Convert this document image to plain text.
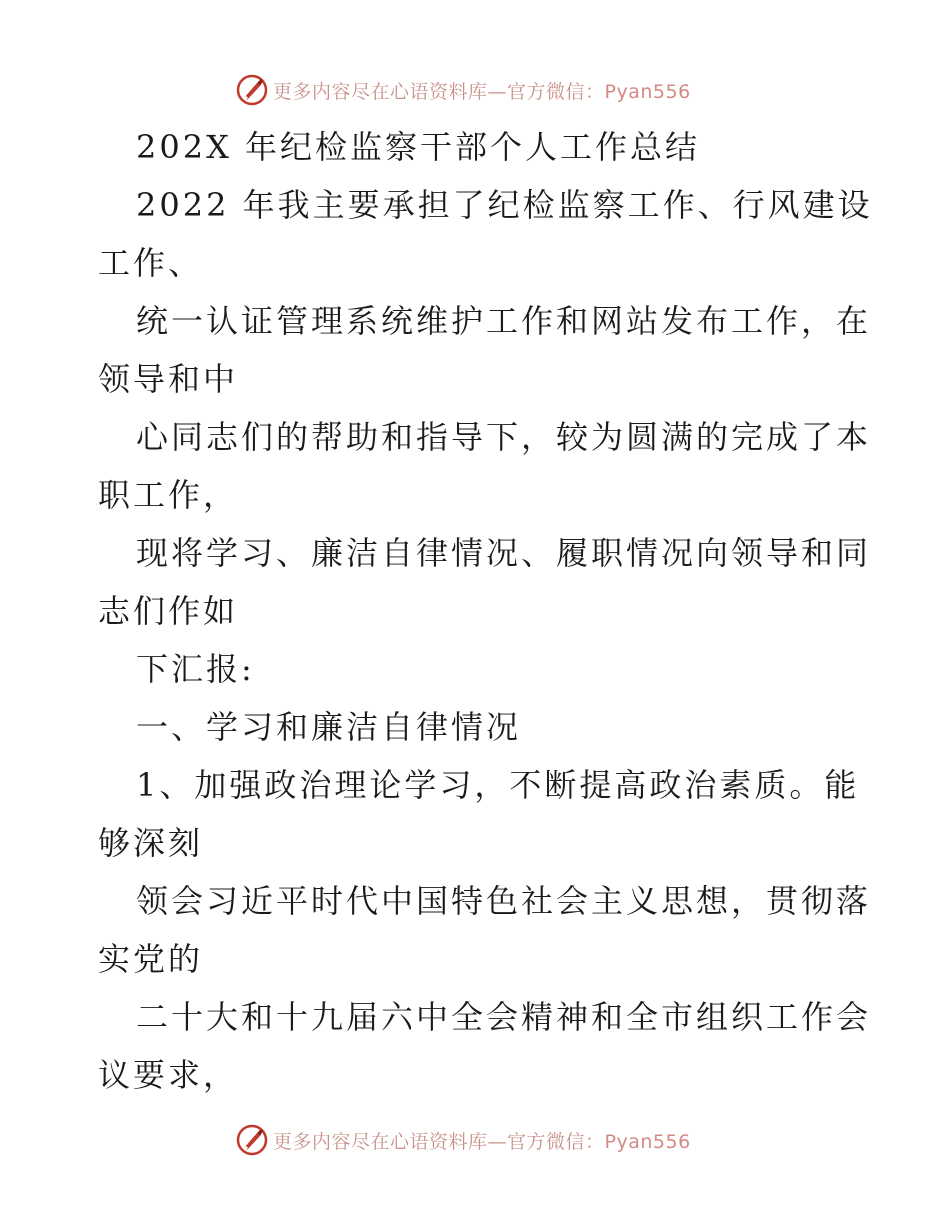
更多内容尽在心语资料库—官方微信：Pyan556
202X 年纪检监察干部个人工作总结
2022 年我主要承担了纪检监察工作、行风建设
工作、
统一认证管理系统维护工作和网站发布工作，在
领导和中
心同志们的帮助和指导下，较为圆满的完成了本
职工作，
现将学习、廉洁自律情况、履职情况向领导和同
志们作如
下汇报:
一、学习和廉洁自律情况
1、加强政治理论学习，不断提高政治素质。能
够深刻
领会习近平时代中国特色社会主义思想，贯彻落
实党的
二十大和十九届六中全会精神和全市组织工作会
议要求，
更多内容尽在心语资料库—官方微信：Pyan556
